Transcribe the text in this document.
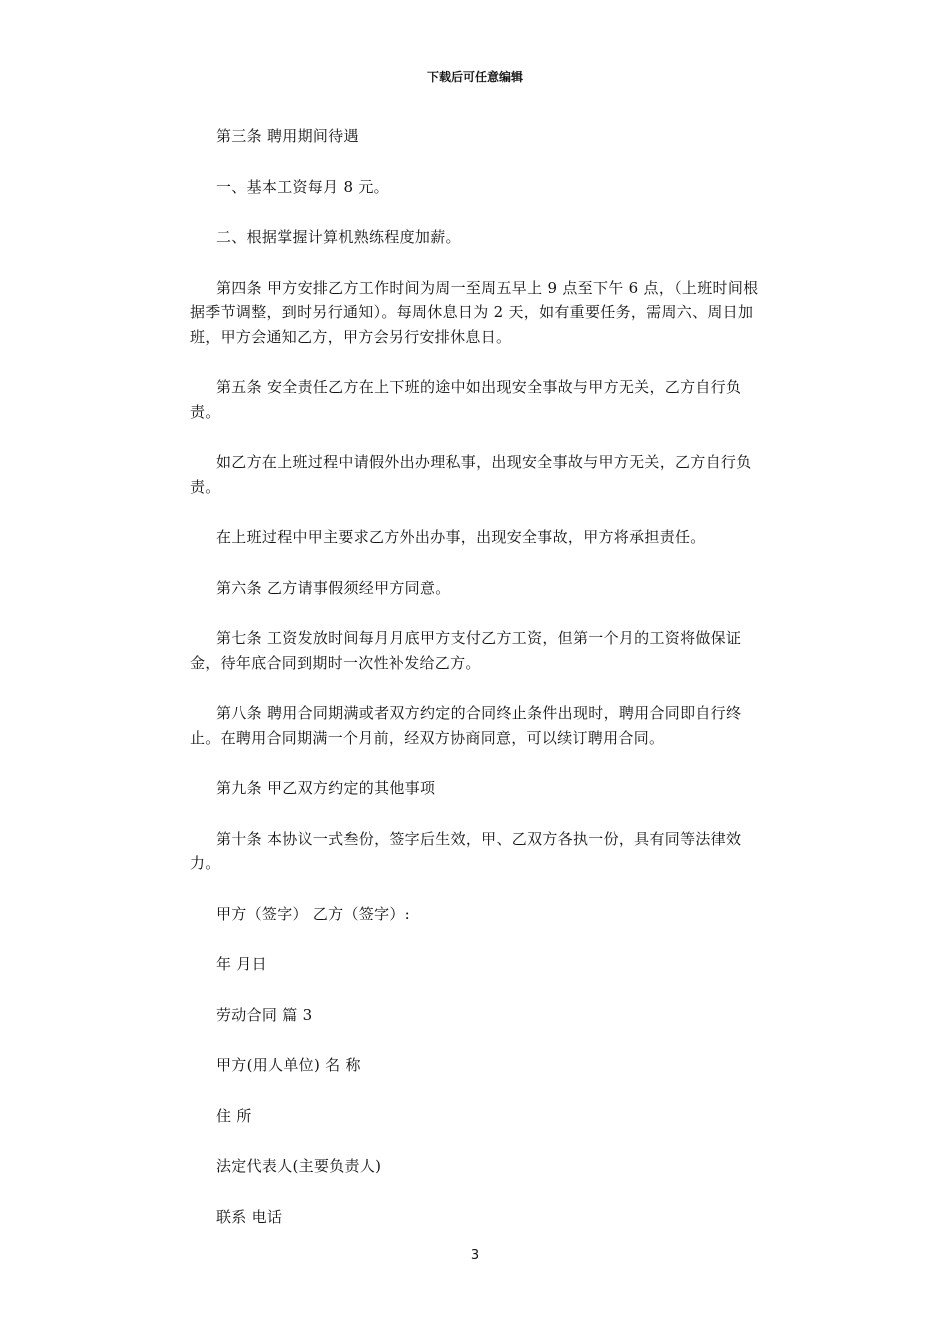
下载后可任意编辑

第三条 聘用期间待遇

一、基本工资每月 8 元。

二、根据掌握计算机熟练程度加薪。

第四条 甲方安排乙方工作时间为周一至周五早上 9 点至下午 6 点，（上班时间根据季节调整，到时另行通知）。每周休息日为 2 天，如有重要任务，需周六、周日加班，甲方会通知乙方，甲方会另行安排休息日。

第五条 安全责任乙方在上下班的途中如出现安全事故与甲方无关，乙方自行负责。

如乙方在上班过程中请假外出办理私事，出现安全事故与甲方无关，乙方自行负责。

在上班过程中甲主要求乙方外出办事，出现安全事故，甲方将承担责任。

第六条 乙方请事假须经甲方同意。

第七条 工资发放时间每月月底甲方支付乙方工资，但第一个月的工资将做保证金，待年底合同到期时一次性补发给乙方。

第八条 聘用合同期满或者双方约定的合同终止条件出现时，聘用合同即自行终止。在聘用合同期满一个月前，经双方协商同意，可以续订聘用合同。

第九条 甲乙双方约定的其他事项

第十条 本协议一式叁份，签字后生效，甲、乙双方各执一份，具有同等法律效力。

甲方（签字） 乙方（签字）:

年 月日

劳动合同 篇 3

甲方(用人单位) 名 称

住 所

法定代表人(主要负责人)

联系 电话

3
